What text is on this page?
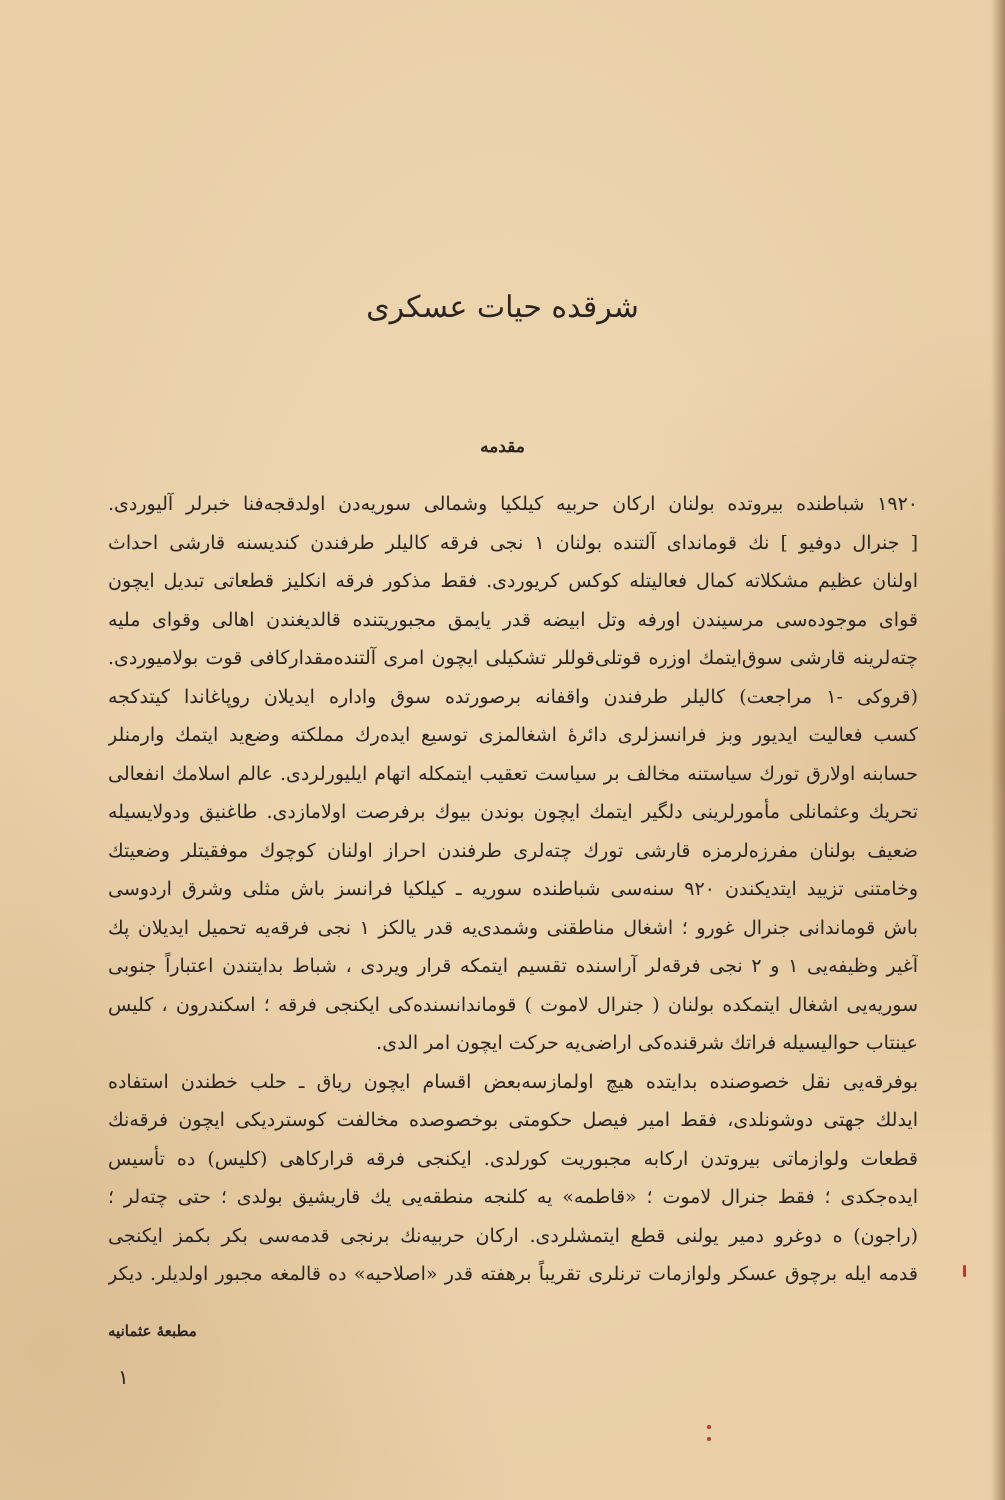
شرقده حیات عسکری
مقدمه
١٩٢٠ شباطنده بیروتده بولنان ارکان حربیه کیلکیا وشمالی سوریه‌دن اولدقجه‌فنا خبرلر آلیوردی.
[ جنرال دوفیو ] نك قوماندای آلتنده بولنان ١ نجی فرقه کالیلر طرفندن کندیسنه قارشی احداث
اولنان عظیم مشکلاته کمال فعالیتله کوکس کریوردی. فقط مذکور فرقه انکلیز قطعاتی تبدیل ایچون
قوای موجوده‌سی مرسیندن اورفه وتل ابیضه قدر یایمق مجبوریتنده قالدیغندن اهالی وقوای ملیه
چته‌لرینه قارشی سوق‌ایتمك اوزره قوتلی‌قوللر تشکیلی ایچون امری آلتنده‌مقدارکافی قوت بولامیوردی.
(قروکی -١ مراجعت) کالیلر طرفندن واقفانه برصورتده سوق واداره ایدیلان روپاغاندا کیتدکجه
کسب فعالیت ایدیور وبز فرانسزلری دائرهٔ اشغالمزی توسیع ایده‌رك مملکته وضع‌ید ایتمك وارمنلر
حسابنه اولارق تورك سیاستنه مخالف بر سیاست تعقیب ایتمکله اتهام ایلیورلردی. عالم اسلامك انفعالی
تحریك وعثمانلی مأمورلرینی دلگیر ایتمك ایچون بوندن بیوك برفرصت اولامازدی. طاغنیق ودولایسیله
ضعیف بولنان مفرزه‌لرمزه قارشی تورك چته‌لری طرفندن احراز اولنان کوچوك موفقیتلر وضعیتك
وخامتنی تزیید ایتدیکندن ٩٢٠ سنه‌سی شباطنده سوریه ـ کیلکیا فرانسز باش مثلی وشرق اردوسی
باش قوماندانی جنرال غورو ؛ اشغال مناطقنی وشمدی‌یه قدر یالکز ١ نجی فرقه‌یه تحمیل ایدیلان پك
آغیر وظیفه‌یی ١ و ٢ نجی فرقه‌لر آراسنده تقسیم ایتمکه قرار ویردی ، شباط بدایتندن اعتباراً جنوبی
سوریه‌یی اشغال ایتمکده بولنان ( جنرال لاموت ) قوماندانسنده‌کی ایکنجی فرقه ؛ اسکندرون ، کلیس
عینتاب حوالیسیله فراتك شرقنده‌کی اراضی‌یه حرکت ایچون امر الدی.
بوفرقه‌یی نقل خصوصنده بدایتده هیچ اولمازسه‌بعض اقسام ایچون ریاق ـ حلب خطندن استفاده
ایدلك جهتی دوشونلدی، فقط امیر فیصل حکومتی بوخصوصده مخالفت کوستردیکی ایچون فرقه‌نك
قطعات ولوازماتی بیروتدن ارکابه مجبوریت کورلدی. ایکنجی فرقه قرارکاهی (کلیس) ده تأسیس
ایده‌جکدی ؛ فقط جنرال لاموت ؛ «قاطمه» یه کلنجه منطقه‌یی یك قاریشیق بولدی ؛ حتی چته‌لر ؛
(راجون) ه دوغرو دمیر یولنی قطع ایتمشلردی. ارکان حربیه‌نك برنجی قدمه‌سی بکر بکمز ایکنجی
قدمه ایله برچوق عسکر ولوازمات ترنلری تقریباً برهفته قدر «اصلاحیه» ده قالمغه مجبور اولدیلر. دیکر
مطبعهٔ عثمانیه
١
